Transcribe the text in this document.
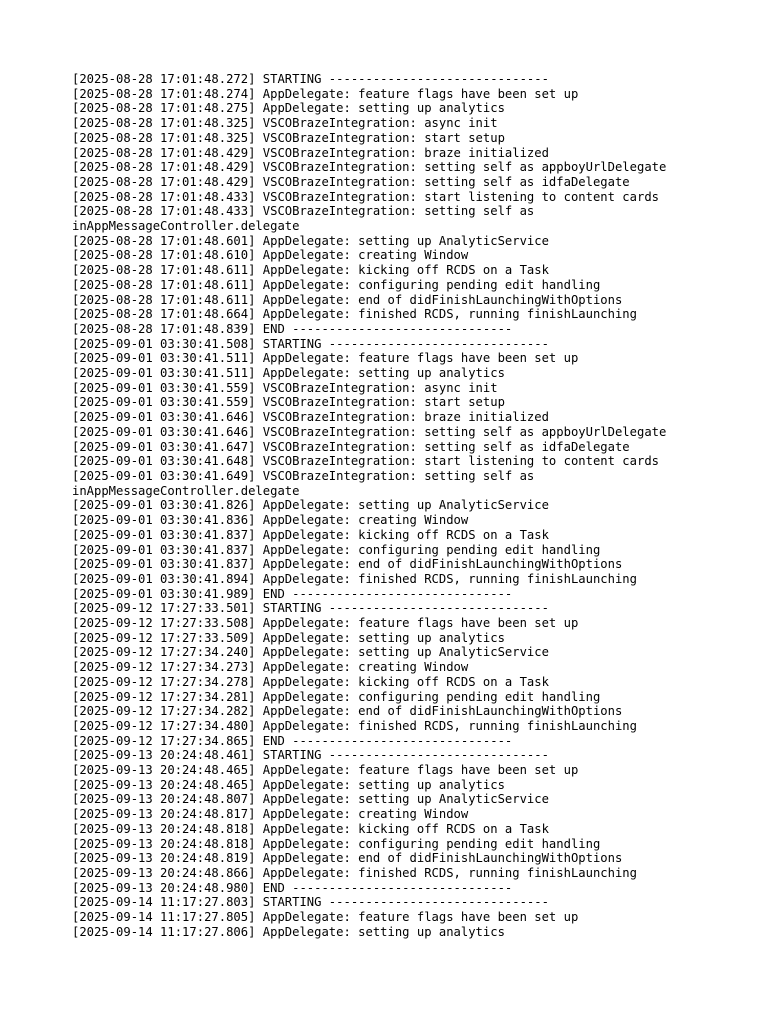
[2025-08-28 17:01:48.272] STARTING ------------------------------
[2025-08-28 17:01:48.274] AppDelegate: feature flags have been set up
[2025-08-28 17:01:48.275] AppDelegate: setting up analytics
[2025-08-28 17:01:48.325] VSCOBrazeIntegration: async init
[2025-08-28 17:01:48.325] VSCOBrazeIntegration: start setup
[2025-08-28 17:01:48.429] VSCOBrazeIntegration: braze initialized
[2025-08-28 17:01:48.429] VSCOBrazeIntegration: setting self as appboyUrlDelegate
[2025-08-28 17:01:48.429] VSCOBrazeIntegration: setting self as idfaDelegate
[2025-08-28 17:01:48.433] VSCOBrazeIntegration: start listening to content cards
[2025-08-28 17:01:48.433] VSCOBrazeIntegration: setting self as
inAppMessageController.delegate
[2025-08-28 17:01:48.601] AppDelegate: setting up AnalyticService
[2025-08-28 17:01:48.610] AppDelegate: creating Window
[2025-08-28 17:01:48.611] AppDelegate: kicking off RCDS on a Task
[2025-08-28 17:01:48.611] AppDelegate: configuring pending edit handling
[2025-08-28 17:01:48.611] AppDelegate: end of didFinishLaunchingWithOptions
[2025-08-28 17:01:48.664] AppDelegate: finished RCDS, running finishLaunching
[2025-08-28 17:01:48.839] END ------------------------------
[2025-09-01 03:30:41.508] STARTING ------------------------------
[2025-09-01 03:30:41.511] AppDelegate: feature flags have been set up
[2025-09-01 03:30:41.511] AppDelegate: setting up analytics
[2025-09-01 03:30:41.559] VSCOBrazeIntegration: async init
[2025-09-01 03:30:41.559] VSCOBrazeIntegration: start setup
[2025-09-01 03:30:41.646] VSCOBrazeIntegration: braze initialized
[2025-09-01 03:30:41.646] VSCOBrazeIntegration: setting self as appboyUrlDelegate
[2025-09-01 03:30:41.647] VSCOBrazeIntegration: setting self as idfaDelegate
[2025-09-01 03:30:41.648] VSCOBrazeIntegration: start listening to content cards
[2025-09-01 03:30:41.649] VSCOBrazeIntegration: setting self as
inAppMessageController.delegate
[2025-09-01 03:30:41.826] AppDelegate: setting up AnalyticService
[2025-09-01 03:30:41.836] AppDelegate: creating Window
[2025-09-01 03:30:41.837] AppDelegate: kicking off RCDS on a Task
[2025-09-01 03:30:41.837] AppDelegate: configuring pending edit handling
[2025-09-01 03:30:41.837] AppDelegate: end of didFinishLaunchingWithOptions
[2025-09-01 03:30:41.894] AppDelegate: finished RCDS, running finishLaunching
[2025-09-01 03:30:41.989] END ------------------------------
[2025-09-12 17:27:33.501] STARTING ------------------------------
[2025-09-12 17:27:33.508] AppDelegate: feature flags have been set up
[2025-09-12 17:27:33.509] AppDelegate: setting up analytics
[2025-09-12 17:27:34.240] AppDelegate: setting up AnalyticService
[2025-09-12 17:27:34.273] AppDelegate: creating Window
[2025-09-12 17:27:34.278] AppDelegate: kicking off RCDS on a Task
[2025-09-12 17:27:34.281] AppDelegate: configuring pending edit handling
[2025-09-12 17:27:34.282] AppDelegate: end of didFinishLaunchingWithOptions
[2025-09-12 17:27:34.480] AppDelegate: finished RCDS, running finishLaunching
[2025-09-12 17:27:34.865] END ------------------------------
[2025-09-13 20:24:48.461] STARTING ------------------------------
[2025-09-13 20:24:48.465] AppDelegate: feature flags have been set up
[2025-09-13 20:24:48.465] AppDelegate: setting up analytics
[2025-09-13 20:24:48.807] AppDelegate: setting up AnalyticService
[2025-09-13 20:24:48.817] AppDelegate: creating Window
[2025-09-13 20:24:48.818] AppDelegate: kicking off RCDS on a Task
[2025-09-13 20:24:48.818] AppDelegate: configuring pending edit handling
[2025-09-13 20:24:48.819] AppDelegate: end of didFinishLaunchingWithOptions
[2025-09-13 20:24:48.866] AppDelegate: finished RCDS, running finishLaunching
[2025-09-13 20:24:48.980] END ------------------------------
[2025-09-14 11:17:27.803] STARTING ------------------------------
[2025-09-14 11:17:27.805] AppDelegate: feature flags have been set up
[2025-09-14 11:17:27.806] AppDelegate: setting up analytics
